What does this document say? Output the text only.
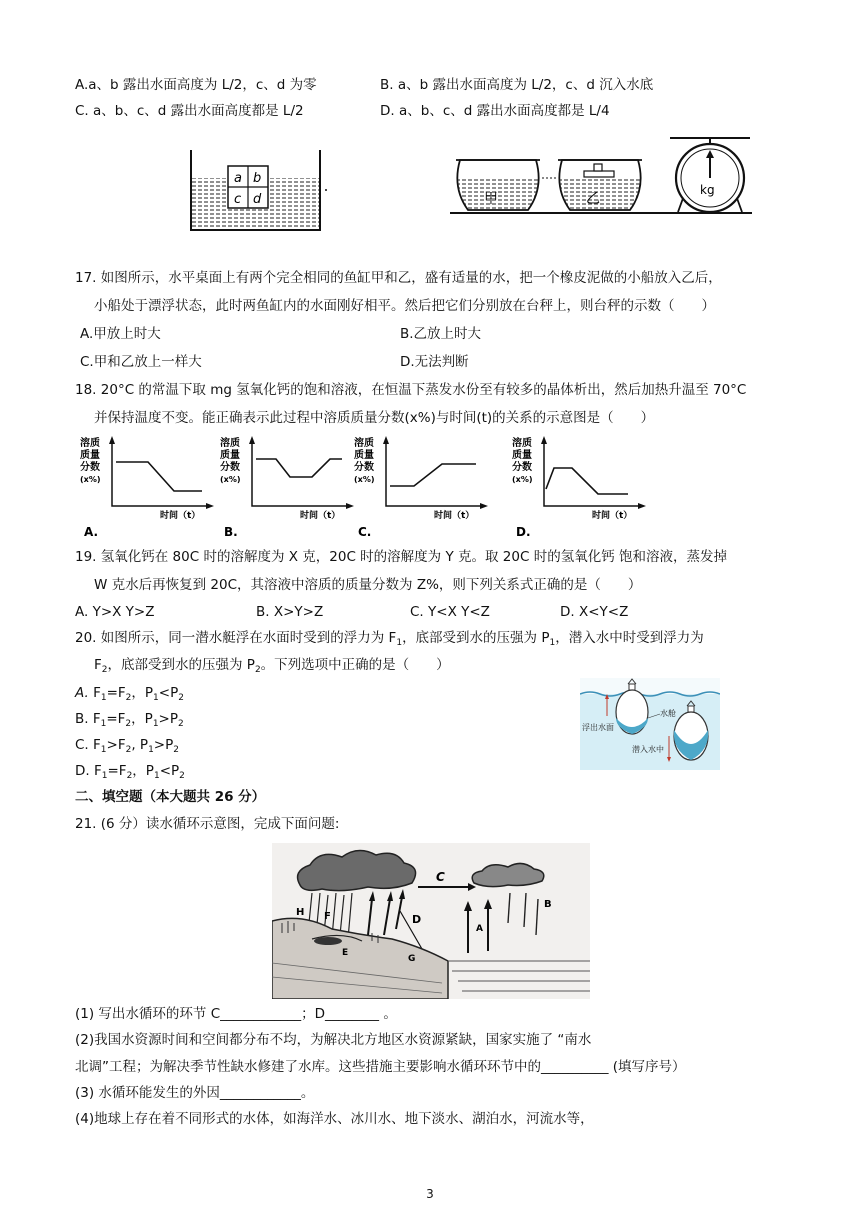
A.a、b 露出水面高度为 L/2，c、d 为零	B. a、b 露出水面高度为 L/2，c、d 沉入水底
C. a、b、c、d 露出水面高度都是 L/2	D. a、b、c、d 露出水面高度都是 L/4
a b
c d	甲	乙
kg
17. 如图所示，水平桌面上有两个完全相同的鱼缸甲和乙，盛有适量的水，把一个橡皮泥做的小船放入乙后，
小船处于漂浮状态，此时两鱼缸内的水面刚好相平。然后把它们分别放在台秤上，则台秤的示数（　　）
A.甲放上时大	B.乙放上时大
C.甲和乙放上一样大	D.无法判断
18. 20°C 的常温下取 mg 氢氧化钙的饱和溶液，在恒温下蒸发水份至有较多的晶体析出，然后加热升温至 70°C
并保持温度不变。能正确表示此过程中溶质质量分数(x%)与时间(t)的关系的示意图是（　　）
溶质
质量
分数
(x%)
时间（t）
A.
溶质
质量
分数
(x%)
时间（t）
B.
溶质
质量
分数
(x%)
时间（t）
C.
溶质
质量
分数
(x%)
时间（t）
D.
19. 氢氧化钙在 80C 时的溶解度为 X 克，20C 时的溶解度为 Y 克。取 20C 时的氢氧化钙 饱和溶液，蒸发掉
W 克水后再恢复到 20C，其溶液中溶质的质量分数为 Z%，则下列关系式正确的是（　　）
A. Y>X Y>Z	B. X>Y>Z	C. Y<X Y<Z	D. X<Y<Z
20. 如图所示，同一潜水艇浮在水面时受到的浮力为 $F_1$，底部受到水的压强为 $P_1$，潜入水中时受到浮力为
$F_2$，底部受到水的压强为 $P_2$。下列选项中正确的是（　　）
A. $F_1=F_2$，$P_1<P_2$
B. $F_1=F_2$，$P_1>P_2$
C. $F_1>F_2$, $P_1>P_2$
D. $F_1=F_2$，$P_1<P_2$
浮出水面
水舱
潜入水中
二、填空题（本大题共 26 分）
21. (6 分）读水循环示意图，完成下面问题:
C
H F
B
D
A
E
G
(1) 写出水循环的环节 C____________；D________ 。
(2)我国水资源时间和空间都分布不均，为解决北方地区水资源紧缺，国家实施了 “南水
北调”工程；为解决季节性缺水修建了水库。这些措施主要影响水循环环节中的__________ (填写序号）
(3) 水循环能发生的外因____________。
(4)地球上存在着不同形式的水体，如海洋水、冰川水、地下淡水、湖泊水，河流水等，
3
